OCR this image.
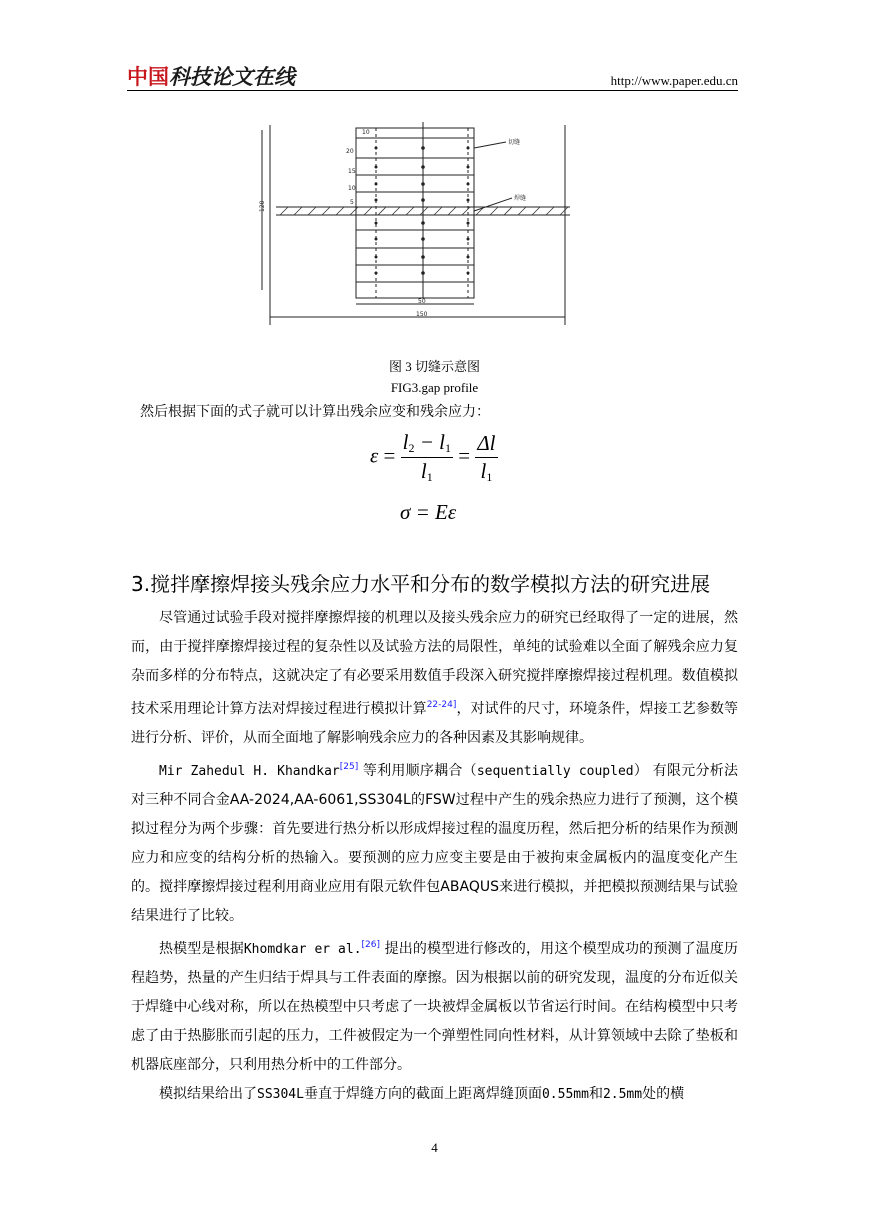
中国 科技论文在线	http://www.paper.edu.cn
10
20
15
10
5
120
50
150
切缝
焊缝
图 3 切缝示意图
FIG3.gap profile
然后根据下面的式子就可以计算出残余应变和残余应力：
$\varepsilon = \frac{l_2 - l_1}{l_1} = \frac{\Delta l}{l_1}$
σ = Eε
3.搅拌摩擦焊接头残余应力水平和分布的数学模拟方法的研究进展

尽管通过试验手段对搅拌摩擦焊接的机理以及接头残余应力的研究已经取得了一定的进展，然而，由于搅拌摩擦焊接过程的复杂性以及试验方法的局限性，单纯的试验难以全面了解残余应力复杂而多样的分布特点，这就决定了有必要采用数值手段深入研究搅拌摩擦焊接过程机理。数值模拟技术采用理论计算方法对焊接过程进行模拟计算$^{22-24]}$，对试件的尺寸，环境条件，焊接工艺参数等进行分析、评价，从而全面地了解影响残余应力的各种因素及其影响规律。

Mir Zahedul H. Khandkar[25] 等利用顺序耦合（sequentially coupled） 有限元分析法对三种不同合金AA-2024,AA-6061,SS304L的FSW过程中产生的残余热应力进行了预测，这个模拟过程分为两个步骤：首先要进行热分析以形成焊接过程的温度历程，然后把分析的结果作为预测应力和应变的结构分析的热输入。要预测的应力应变主要是由于被拘束金属板内的温度变化产生的。搅拌摩擦焊接过程利用商业应用有限元软件包ABAQUS来进行模拟，并把模拟预测结果与试验结果进行了比较。

热模型是根据Khomdkar er al.[26] 提出的模型进行修改的，用这个模型成功的预测了温度历程趋势，热量的产生归结于焊具与工件表面的摩擦。因为根据以前的研究发现，温度的分布近似关于焊缝中心线对称，所以在热模型中只考虑了一块被焊金属板以节省运行时间。在结构模型中只考虑了由于热膨胀而引起的压力，工件被假定为一个弹塑性同向性材料，从计算领域中去除了垫板和机器底座部分，只利用热分析中的工件部分。

模拟结果给出了SS304L垂直于焊缝方向的截面上距离焊缝顶面0.55mm和2.5mm处的横

4
